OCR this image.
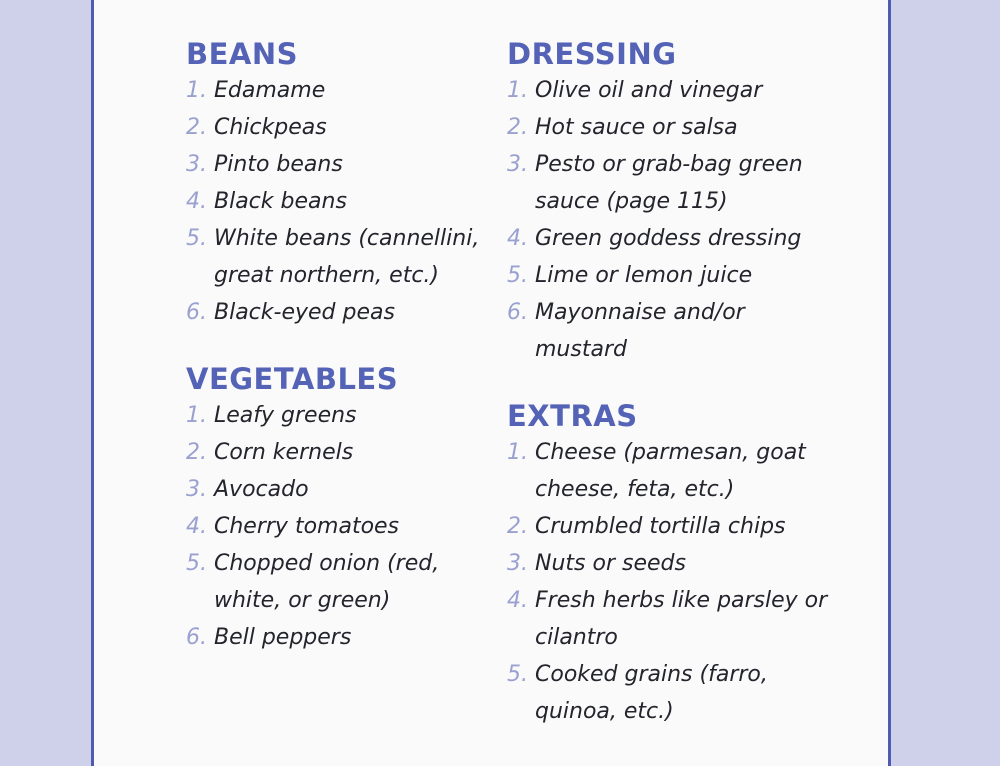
BEANS
1. Edamame
2. Chickpeas
3. Pinto beans
4. Black beans
5. White beans (cannellini, great northern, etc.)
6. Black-eyed peas
VEGETABLES
1. Leafy greens
2. Corn kernels
3. Avocado
4. Cherry tomatoes
5. Chopped onion (red, white, or green)
6. Bell peppers
DRESSING
1. Olive oil and vinegar
2. Hot sauce or salsa
3. Pesto or grab-bag green sauce (page 115)
4. Green goddess dressing
5. Lime or lemon juice
6. Mayonnaise and/or mustard
EXTRAS
1. Cheese (parmesan, goat cheese, feta, etc.)
2. Crumbled tortilla chips
3. Nuts or seeds
4. Fresh herbs like parsley or cilantro
5. Cooked grains (farro, quinoa, etc.)
